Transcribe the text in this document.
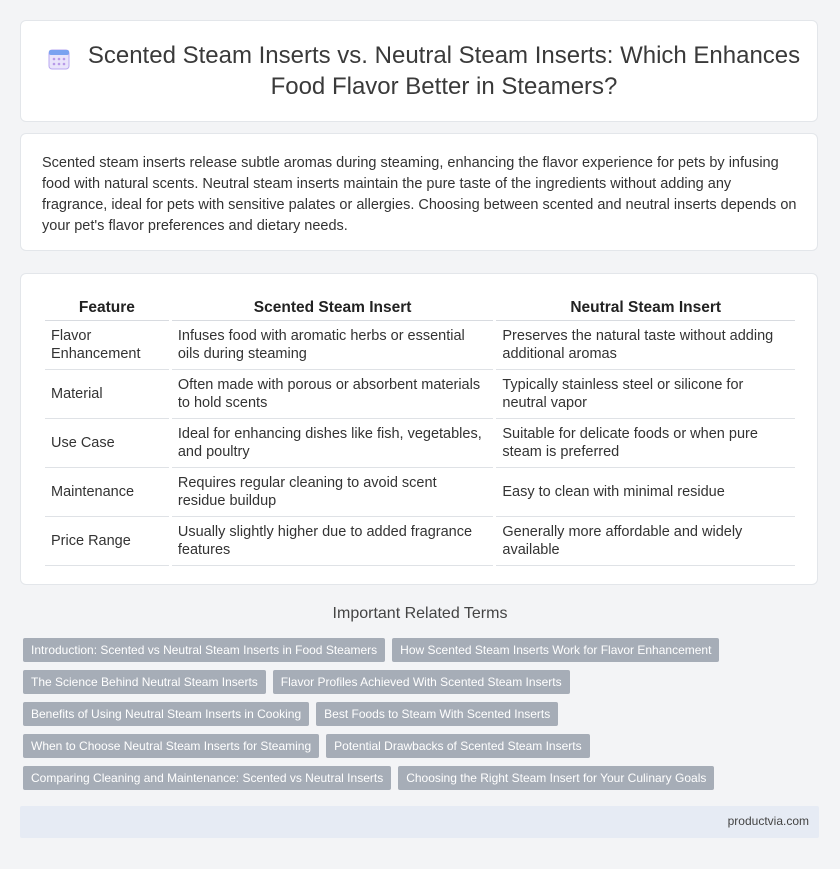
Scented Steam Inserts vs. Neutral Steam Inserts: Which Enhances Food Flavor Better in Steamers?

Scented steam inserts release subtle aromas during steaming, enhancing the flavor experience for pets by infusing food with natural scents. Neutral steam inserts maintain the pure taste of the ingredients without adding any fragrance, ideal for pets with sensitive palates or allergies. Choosing between scented and neutral inserts depends on your pet's flavor preferences and dietary needs.

Feature	Scented Steam Insert	Neutral Steam Insert
Flavor Enhancement	Infuses food with aromatic herbs or essential oils during steaming	Preserves the natural taste without adding additional aromas
Material	Often made with porous or absorbent materials to hold scents	Typically stainless steel or silicone for neutral vapor
Use Case	Ideal for enhancing dishes like fish, vegetables, and poultry	Suitable for delicate foods or when pure steam is preferred
Maintenance	Requires regular cleaning to avoid scent residue buildup	Easy to clean with minimal residue
Price Range	Usually slightly higher due to added fragrance features	Generally more affordable and widely available
Important Related Terms
Introduction: Scented vs Neutral Steam Inserts in Food Steamers	How Scented Steam Inserts Work for Flavor Enhancement
The Science Behind Neutral Steam Inserts	Flavor Profiles Achieved With Scented Steam Inserts
Benefits of Using Neutral Steam Inserts in Cooking	Best Foods to Steam With Scented Inserts
When to Choose Neutral Steam Inserts for Steaming	Potential Drawbacks of Scented Steam Inserts
Comparing Cleaning and Maintenance: Scented vs Neutral Inserts	Choosing the Right Steam Insert for Your Culinary Goals
productvia.com
